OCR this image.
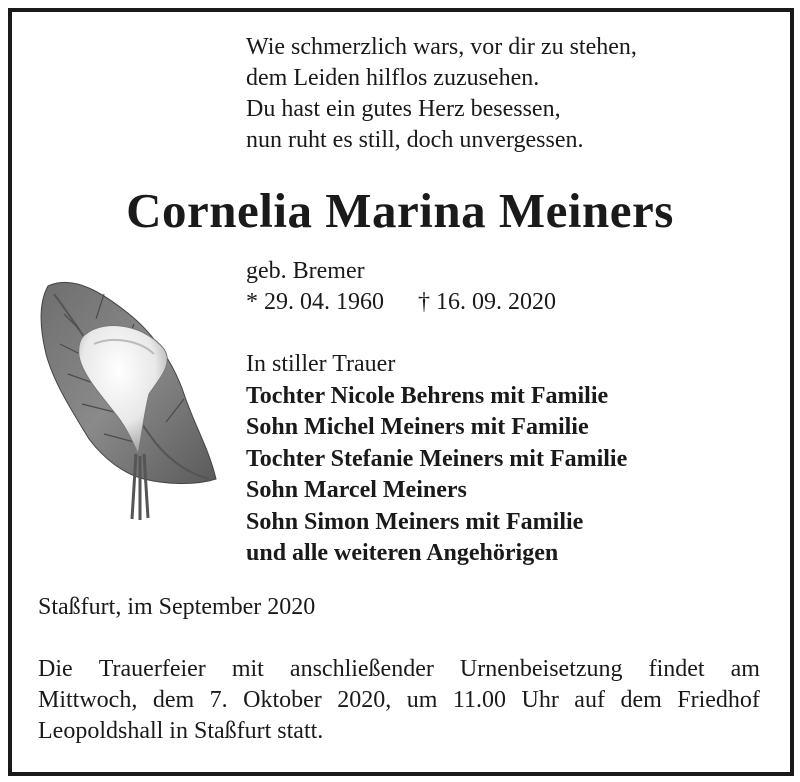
Wie schmerzlich wars, vor dir zu stehen,
dem Leiden hilflos zuzusehen.
Du hast ein gutes Herz besessen,
nun ruht es still, doch unvergessen.
Cornelia Marina Meiners
geb. Bremer
* 29. 04. 1960 † 16. 09. 2020
In stiller Trauer
Tochter Nicole Behrens mit Familie
Sohn Michel Meiners mit Familie
Tochter Stefanie Meiners mit Familie
Sohn Marcel Meiners
Sohn Simon Meiners mit Familie
und alle weiteren Angehörigen
Staßfurt, im September 2020
Die Trauerfeier mit anschließender Urnenbeisetzung findet am
Mittwoch, dem 7. Oktober 2020, um 11.00 Uhr auf dem Friedhof
Leopoldshall in Staßfurt statt.
